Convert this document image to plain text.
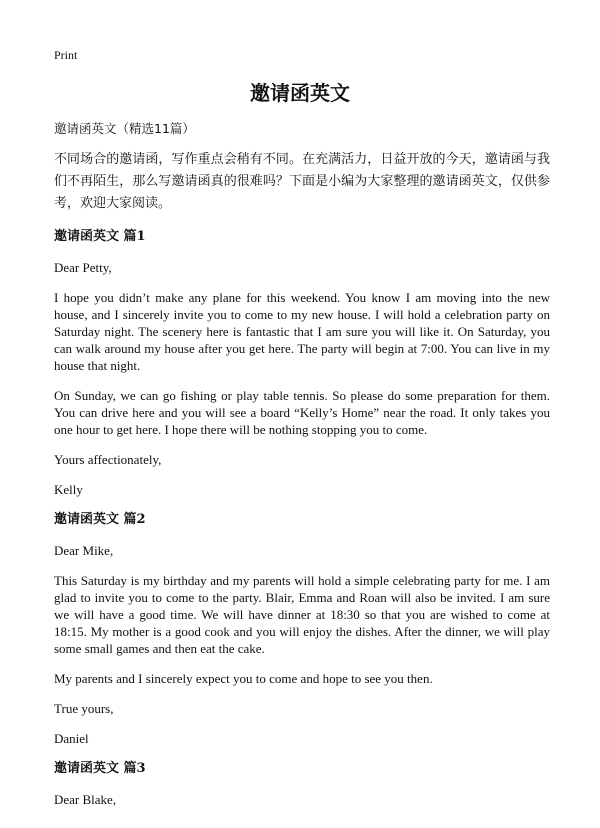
Print
邀请函英文

邀请函英文（精选11篇）

不同场合的邀请函，写作重点会稍有不同。在充满活力，日益开放的今天，邀请函与我们不再陌生，那么写邀请函真的很难吗？下面是小编为大家整理的邀请函英文，仅供参考，欢迎大家阅读。

邀请函英文 篇1

Dear Petty,

I hope you didn’t make any plane for this weekend. You know I am moving into the new house, and I sincerely invite you to come to my new house. I will hold a celebration party on Saturday night. The scenery here is fantastic that I am sure you will like it. On Saturday, you can walk around my house after you get here. The party will begin at 7:00. You can live in my house that night.

On Sunday, we can go fishing or play table tennis. So please do some preparation for them. You can drive here and you will see a board “Kelly’s Home” near the road. It only takes you one hour to get here. I hope there will be nothing stopping you to come.

Yours affectionately,

Kelly

邀请函英文 篇2

Dear Mike,

This Saturday is my birthday and my parents will hold a simple celebrating party for me. I am glad to invite you to come to the party. Blair, Emma and Roan will also be invited. I am sure we will have a good time. We will have dinner at 18:30 so that you are wished to come at 18:15. My mother is a good cook and you will enjoy the dishes. After the dinner, we will play some small games and then eat the cake.

My parents and I sincerely expect you to come and hope to see you then.

True yours,

Daniel

邀请函英文 篇3

Dear Blake,
